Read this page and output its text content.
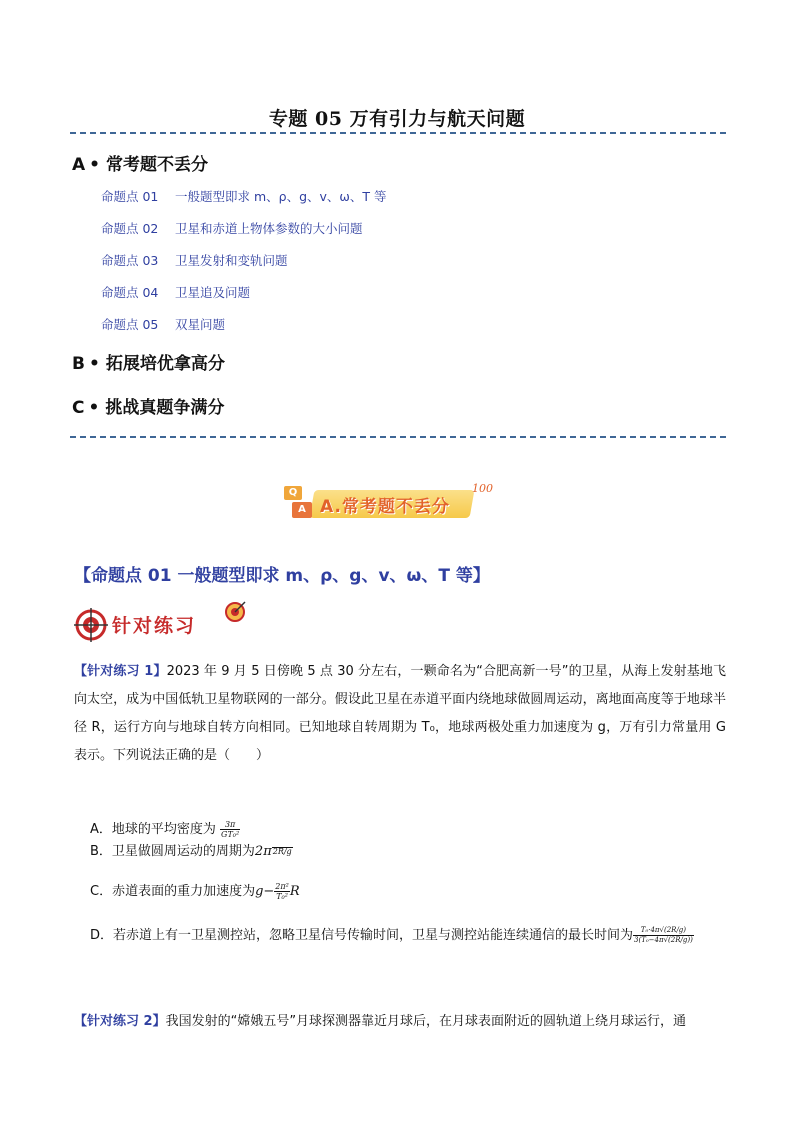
专题 05 万有引力与航天问题
A • 常考题不丢分
命题点 01 一般题型即求 m、ρ、g、v、ω、T 等
命题点 02 卫星和赤道上物体参数的大小问题
命题点 03 卫星发射和变轨问题
命题点 04 卫星追及问题
命题点 05 双星问题
B • 拓展培优拿高分
C • 挑战真题争满分
Q
A A.常考题不丢分
100
【命题点 01 一般题型即求 m、ρ、g、v、ω、T 等】
针对练习
【针对练习 1】2023 年 9 月 5 日傍晚 5 点 30 分左右，一颗命名为“合肥高新一号”的卫星，从海上发射基地飞向太空，成为中国低轨卫星物联网的一部分。假设此卫星在赤道平面内绕地球做圆周运动，离地面高度等于地球半径 R，运行方向与地球自转方向相同。已知地球自转周期为 T₀，地球两极处重力加速度为 g，万有引力常量用 G 表示。下列说法正确的是（　　）
A．地球的平均密度为 $\frac{3\pi}{\text{GT₀²}}$
B．卫星做圆周运动的周期为2π2R/g
C．赤道表面的重力加速度为$g- \frac{\text{2π²}}{\text{T₀²}}$ R
D．若赤道上有一卫星测控站，忽略卫星信号传输时间，卫星与测控站能连续通信的最长时间为 $\frac{\text{T₀·4π√(2R/g)}}{\text{3(T₀−4π√(2R/g))}}$
【针对练习 2】我国发射的“嫦娥五号”月球探测器靠近月球后，在月球表面附近的圆轨道上绕月球运行，通
